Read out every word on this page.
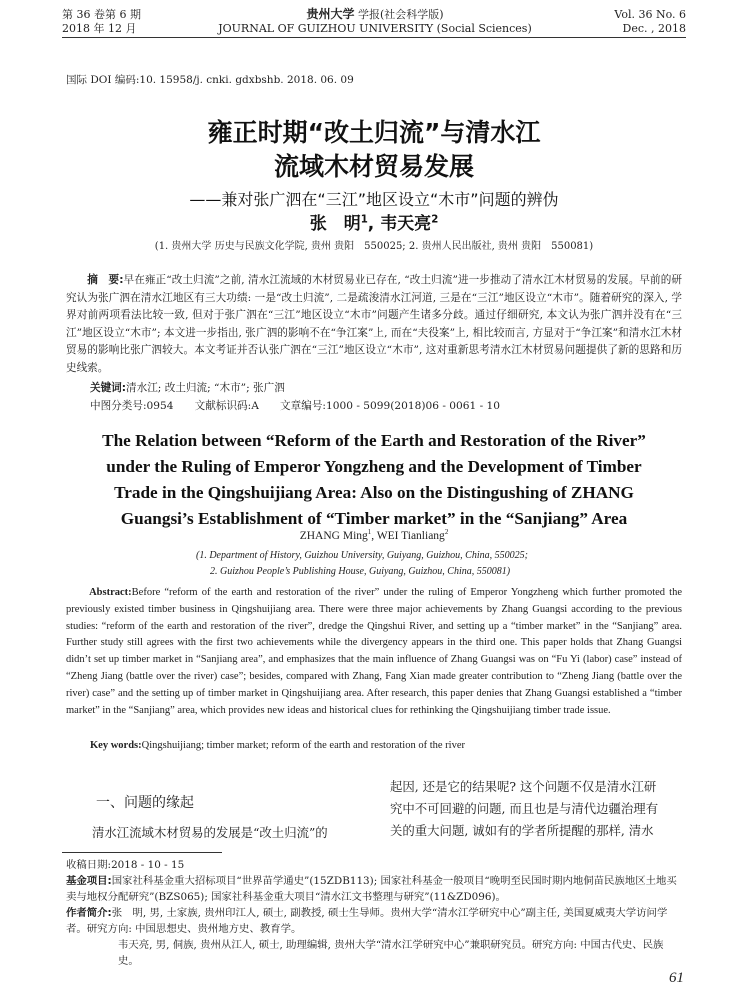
第 36 卷第 6 期
2018 年 12 月
贵州大学 学报(社会科学版)
JOURNAL OF GUIZHOU UNIVERSITY (Social Sciences)
Vol. 36 No. 6
Dec. , 2018
国际 DOI 编码:10. 15958/j. cnki. gdxbshb. 2018. 06. 09
雍正时期“改土归流”与清水江
流域木材贸易发展
——兼对张广泗在“三江”地区设立“木市”问题的辨伪
张　明$^1$, 韦天亮$^2$
(1. 贵州大学 历史与民族文化学院, 贵州 贵阳　550025; 2. 贵州人民出版社, 贵州 贵阳　550081)
摘　要:早在雍正“改土归流”之前, 清水江流域的木材贸易业已存在, “改土归流”进一步推动了清水江木材贸易的发展。早前的研究认为张广泗在清水江地区有三大功绩: 一是“改土归流”, 二是疏浚清水江河道, 三是在“三江”地区设立“木市”。随着研究的深入, 学界对前两项看法比较一致, 但对于张广泗在“三江”地区设立“木市”问题产生诸多分歧。通过仔细研究, 本文认为张广泗并没有在“三江”地区设立“木市”; 本文进一步指出, 张广泗的影响不在“争江案”上, 而在“夫役案”上, 相比较而言, 方显对于“争江案”和清水江木材贸易的影响比张广泗较大。本文考证并否认张广泗在“三江”地区设立“木市”, 这对重新思考清水江木材贸易问题提供了新的思路和历史线索。
关键词:清水江; 改土归流; “木市”; 张广泗
中图分类号:0954　　文献标识码:A　　文章编号:1000 - 5099(2018)06 - 0061 - 10
The Relation between “Reform of the Earth and Restoration of the River”
under the Ruling of Emperor Yongzheng and the Development of Timber
Trade in the Qingshuijiang Area: Also on the Distingushing of ZHANG
Guangsi’s Establishment of “Timber market” in the “Sanjiang” Area
ZHANG Ming$^1$, WEI Tianliang$^2$
(1. Department of History, Guizhou University, Guiyang, Guizhou, China, 550025;
2. Guizhou People’s Publishing House, Guiyang, Guizhou, China, 550081)
Abstract:Before “reform of the earth and restoration of the river” under the ruling of Emperor Yongzheng which further promoted the previously existed timber business in Qingshuijiang area. There were three major achievements by Zhang Guangsi according to the previous studies: “reform of the earth and restoration of the river”, dredge the Qingshui River, and setting up a “timber market” in the “Sanjiang” area. Further study still agrees with the first two achievements while the divergency appears in the third one. This paper holds that Zhang Guangsi didn’t set up timber market in “Sanjiang area”, and emphasizes that the main influence of Zhang Guangsi was on “Fu Yi (labor) case” instead of “Zheng Jiang (battle over the river) case”; besides, compared with Zhang, Fang Xian made greater contribution to “Zheng Jiang (battle over the river) case” and the setting up of timber market in Qingshuijiang area. After research, this paper denies that Zhang Guangsi established a “timber market” in the “Sanjiang” area, which provides new ideas and historical clues for rethinking the Qingshuijiang timber trade issue.
Key words:Qingshuijiang; timber market; reform of the earth and restoration of the river
一、问题的缘起
清水江流域木材贸易的发展是“改土归流”的
起因, 还是它的结果呢? 这个问题不仅是清水江研
究中不可回避的问题, 而且也是与清代边疆治理有
关的重大问题, 诚如有的学者所提醒的那样, 清水
收稿日期:2018 - 10 - 15
基金项目:国家社科基金重大招标项目“世界苗学通史”(15ZDB113); 国家社科基金一般项目“晚明至民国时期内地侗苗民族地区土地买卖与地权分配研究”(BZS065); 国家社科基金重大项目“清水江文书整理与研究”(11&ZD096)。
作者简介:张　明, 男, 土家族, 贵州印江人, 硕士, 副教授, 硕士生导师。贵州大学“清水江学研究中心”副主任, 美国夏威夷大学访问学者。研究方向: 中国思想史、贵州地方史、教育学。
韦天亮, 男, 侗族, 贵州从江人, 硕士, 助理编辑, 贵州大学“清水江学研究中心”兼职研究员。研究方向: 中国古代史、民族史。
61
